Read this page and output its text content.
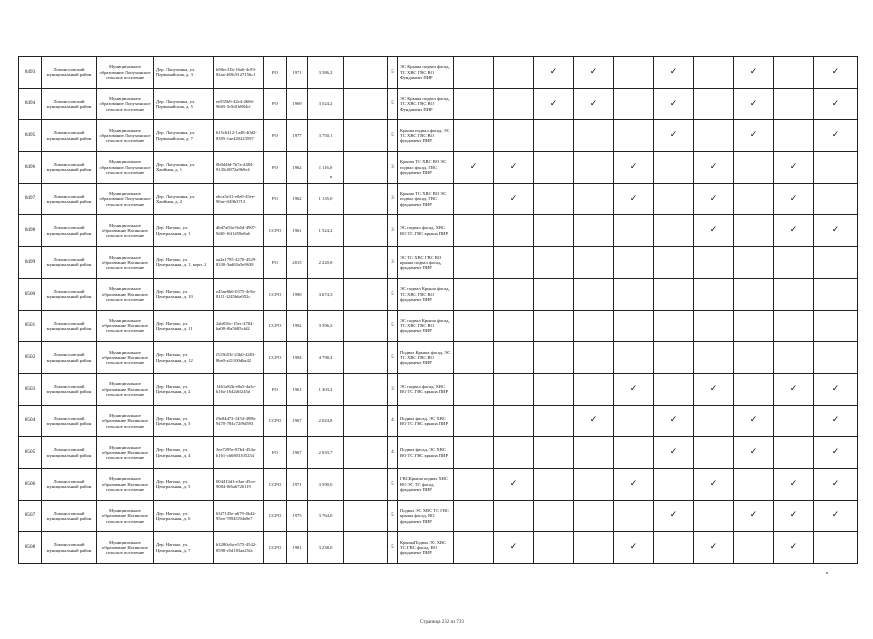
8493	Ломоносовский муниципальный район	Муниципальное образование Лопухинское сельское поселение	Дер. Лопухинка, ул. Первомайская, д. 3	b98ec31b-16a6-4c93-82aa-469c9127156c1	РО	1971	3 586,2		5	ЭС Крыша подвал фасад, ТС ХВС ГВС ВО Фундамент ПИР			✓	✓		✓		✓		✓
8494	Ломоносовский муниципальный район	Муниципальное образование Лопухинское сельское поселение	Дер. Лопухинка, ул. Первомайская, д. 5	ee935b9-42e4-4666-9665-3c9d1b884cf	РО	1969	3 524,2		5	ЭС Крыша подвал фасад, ТС ХВС ГВС ВО Фундамент ПИР			✓	✓		✓		✓		✓
8495	Ломоносовский муниципальный район	Муниципальное образование Лопухинское сельское поселение	Дер. Лопухинка, ул. Первомайская, д. 7	615c6412-1a48-40d2-8395-1ae420223597	РО	1977	3 750,1		5	Крыша подвал фасад, ЭС ТС ХВС ГВС ВО фундамент ПИР						✓		✓		✓
8496	Ломоносовский муниципальный район	Муниципальное образование Лопухинское сельское поселение	Дер. Лопухинка, ул. Хвойная, д. 1	0b0d4ld-7b7a-4484-9145c8072a9b9e4	РО	1962	1 116,0		3	Крыша ТС ХВС ВО ЭС подвал фасад, ГВС фундамент ПИР	✓	✓			✓		✓		✓	
8497	Ломоносовский муниципальный район	Муниципальное образование Лопухинское сельское поселение	Дер. Лопухинка, ул. Хвойная, д. 2	ebca3e31-e0e6-45ee-90ae-ff49b3713	РО	1962	1 135,0		3	Крыша ТС ХВС ВО ЭС подвал фасад, ГВС фундамент ПИР		✓			✓		✓		✓	
8498	Ломоносовский муниципальный район	Муниципальное образование Нагинское сельское поселение	Дер. Нагино, ул. Центральная, д. 1	dbd7a03a-9a5d-4907-9df0-16f1459e8a6	ССРО	1961	1 524,2		3	ЭС подвал фасад, ХВС ВО ТС ГВС крыша ПИР							✓		✓	✓
8499	Ломоносовский муниципальный район	Муниципальное образование Нагинское сельское поселение	Дер. Нагино, ул. Центральная, д. 1, корп. 2	aa2a1795-2278-4529-8330-3ad63a5e9638	РО	2015	2 220,8		3	ЭС ТС ХВС ГВС ВО крыша подвал фасад, фундамент ПИР										
8500	Ломоносовский муниципальный район	Муниципальное образование Нагинское сельское поселение	Дер. Нагино, ул. Центральная, д. 10	e45ae6b6-0375-4c9a-8111-f245b6a952c	ССРО	1990	3 674,3		5	ЭС подвал Крыша фасад, ТС ХВС ГВС ВО фундамент ПИР										
8501	Ломоносовский муниципальный район	Муниципальное образование Нагинское сельское поселение	Дер. Нагино, ул. Центральная, д. 11	2ab816c-15ec-4704-ba08-f0a5685cfd2	ССРО	1992	3 596,5		5	ЭС подвал Крыша фасад, ТС ХВС ГВС ВО фундамент ПИР										
8502	Ломоносовский муниципальный район	Муниципальное образование Нагинское сельское поселение	Дер. Нагино, ул. Центральная, д. 12	f515b53f-23b0-4283-8be0-a21100dba42	ССРО	1994	4 798,4		5	Подвал Крыша фасад, ЭС ТС ХВС ГВС ВО фундамент ПИР										
8503	Ломоносовский муниципальный район	Муниципальное образование Нагинское сельское поселение	Дер. Нагино, ул. Центральная, д. 2	1461a82b-e8a5-4a3c-b16a-1642dff245d	РО	1961	1 303,2		3	ЭС подвал фасад, ХВС ВО ТС ГВС крыша ПИР					✓		✓		✓	✓
8504	Ломоносовский муниципальный район	Муниципальное образование Нагинское сельское поселение	Дер. Нагино, ул. Центральная, д. 3	f9e84d73-1454-498b-9470-784c72f9d593	ССРО	1967	2 024,8		4	Подвал фасад, ЭС ХВС ВО ТС ГВС крыша ПИР				✓		✓		✓		✓
8505	Ломоносовский муниципальный район	Муниципальное образование Нагинское сельское поселение	Дер. Нагино, ул. Центральная, д. 4	3ee7295e-87b4-454a-b161-cb6803105234	РО	1967	2 033,7		4	Подвал фасад, ЭС ХВС ВО ТС ГВС крыша ПИР						✓		✓		✓
8506	Ломоносовский муниципальный район	Муниципальное образование Нагинское сельское поселение	Дер. Нагино, ул. Центральная, д. 5	004413d1-e3ae-45ce-9084-0f6a6726119	ССРО	1971	3 590,0		5	ГВСКрыша подвал ХВС ВО ЭС ТС фасад, фундамент ПИР		✓			✓		✓		✓	✓
8507	Ломоносовский муниципальный район	Муниципальное образование Нагинское сельское поселение	Дер. Нагино, ул. Центральная, д. 6	63f7145e-a679-4b42-95ea-7894f19da9e7	ССРО	1975	3 764,0		5	Подвал ЭС ХВС ТС ГВС крыша фасад, ВО фундамент ПИР						✓		✓	✓	✓
8508	Ломоносовский муниципальный район	Муниципальное образование Нагинское сельское поселение	Дер. Нагино, ул. Центральная, д. 7	b3280c6a-e575-4542-8598-e5d183aa25fa	ССРО	1981	3 238,0		5	КрышаПодвал ЭС ХВС ТС ГВС фасад, ВО фундамент ПИР		✓			✓		✓		✓	
Страница 232 из 733
